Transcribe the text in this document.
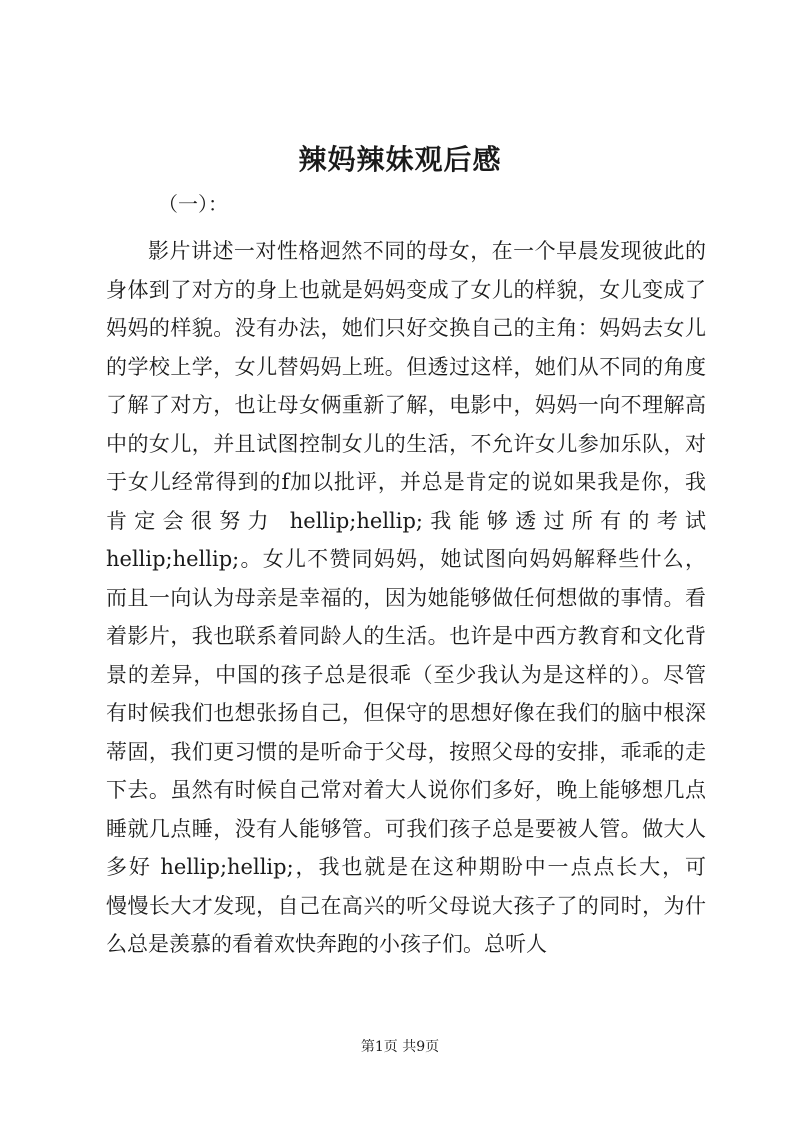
辣妈辣妹观后感
（一）：
影片讲述一对性格迥然不同的母女，在一个早晨发现彼此的
身体到了对方的身上也就是妈妈变成了女儿的样貌，女儿变成了
妈妈的样貌。没有办法，她们只好交换自己的主角：妈妈去女儿
的学校上学，女儿替妈妈上班。但透过这样，她们从不同的角度
了解了对方，也让母女俩重新了解，电影中，妈妈一向不理解高
中的女儿，并且试图控制女儿的生活，不允许女儿参加乐队，对
于女儿经常得到的f加以批评，并总是肯定的说如果我是你，我
肯定会很努力 hellip;hellip;我能够透过所有的考试
hellip;hellip;。女儿不赞同妈妈，她试图向妈妈解释些什么，
而且一向认为母亲是幸福的，因为她能够做任何想做的事情。看
着影片，我也联系着同龄人的生活。也许是中西方教育和文化背
景的差异，中国的孩子总是很乖（至少我认为是这样的）。尽管
有时候我们也想张扬自己，但保守的思想好像在我们的脑中根深
蒂固，我们更习惯的是听命于父母，按照父母的安排，乖乖的走
下去。虽然有时候自己常对着大人说你们多好，晚上能够想几点
睡就几点睡，没有人能够管。可我们孩子总是要被人管。做大人
多好 hellip;hellip;，我也就是在这种期盼中一点点长大，可
慢慢长大才发现，自己在高兴的听父母说大孩子了的同时，为什
么总是羡慕的看着欢快奔跑的小孩子们。总听人
第1页 共9页
